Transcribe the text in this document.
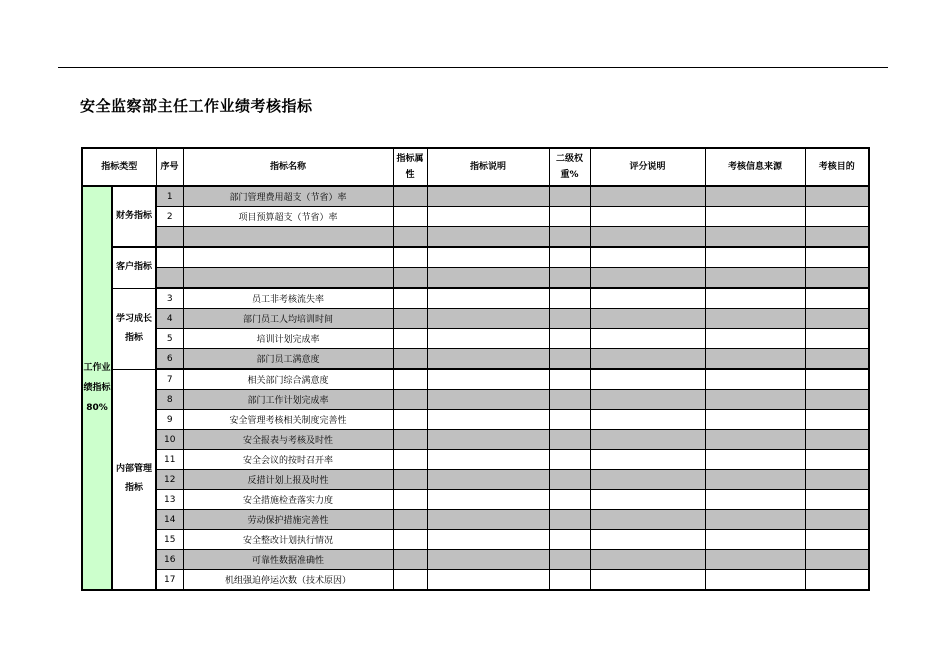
安全监察部主任工作业绩考核指标
指标类型		序号	指标名称	指标属性	指标说明	二级权重%	评分说明	考核信息来源	考核目的
工作业绩指标80%	财务指标	1	部门管理费用超支（节省）率						
		2	项目预算超支（节省）率						

	客户指标								

	学习成长指标	3	员工非考核流失率						
		4	部门员工人均培训时间						
		5	培训计划完成率						
		6	部门员工满意度						
	内部管理指标	7	相关部门综合满意度						
		8	部门工作计划完成率						
		9	安全管理考核相关制度完善性						
		10	安全报表与考核及时性						
		11	安全会议的按时召开率						
		12	反措计划上报及时性						
		13	安全措施检查落实力度						
		14	劳动保护措施完善性						
		15	安全整改计划执行情况						
		16	可靠性数据准确性						
		17	机组强迫停运次数（技术原因）						
